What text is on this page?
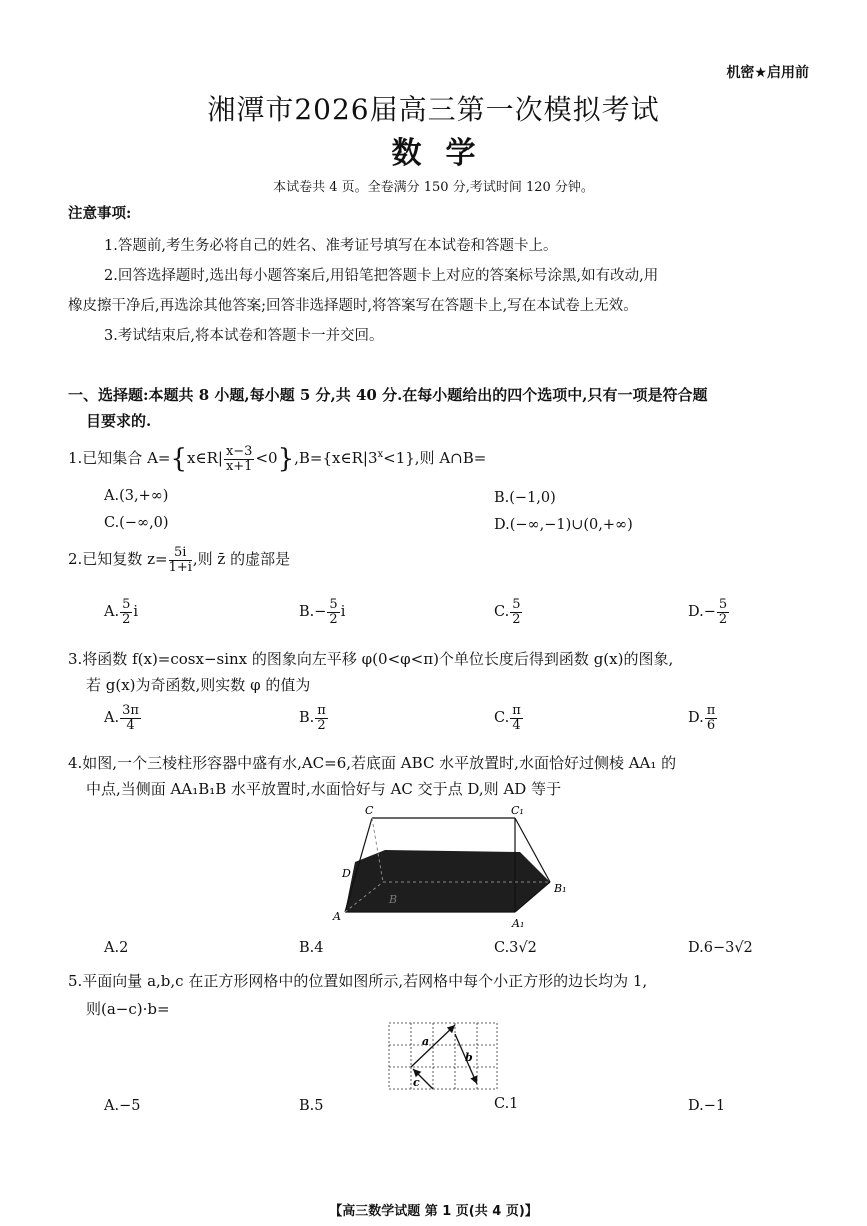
机密★启用前
湘潭市2026届高三第一次模拟考试
数学
本试卷共 4 页。全卷满分 150 分,考试时间 120 分钟。
注意事项:
1.答题前,考生务必将自己的姓名、准考证号填写在本试卷和答题卡上。
2.回答选择题时,选出每小题答案后,用铅笔把答题卡上对应的答案标号涂黑,如有改动,用
橡皮擦干净后,再选涂其他答案;回答非选择题时,将答案写在答题卡上,写在本试卷上无效。
3.考试结束后,将本试卷和答题卡一并交回。
一、选择题:本题共 8 小题,每小题 5 分,共 40 分.在每小题给出的四个选项中,只有一项是符合题
目要求的.
1.已知集合 A={x∈R| $\frac{x-3}{x+1}$ $<0\},B=\{x\in R|3^x<1\}$,则 A∩B=
A.(3,+∞)	B.(−1,0)
C.(−∞,0)	D.(−∞,−1)∪(0,+∞)
2.已知复数 $z= \frac{5i}{1+i}$ ,则 z̄ 的虚部是
A. $\frac{5}{2}$ i	$B.- \frac{5}{2}$ i	C. $\frac{5}{2}$	$D.- \frac{5}{2}$
3.将函数 f(x)=cosx−sinx 的图象向左平移 φ(0<φ<π)个单位长度后得到函数 g(x)的图象,
若 g(x)为奇函数,则实数 φ 的值为
A. $\frac{3\pi}{4}$	B. $\frac{\pi}{2}$	C. $\frac{\pi}{4}$	D. $\frac{\pi}{6}$
4.如图,一个三棱柱形容器中盛有水,AC=6,若底面 ABC 水平放置时,水面恰好过侧棱 AA₁ 的
中点,当侧面 AA₁B₁B 水平放置时,水面恰好与 AC 交于点 D,则 AD 等于
C	C₁
D
A
A₁
B
B₁
A.2	B.4	C.3√2	D.6−3√2
5.平面向量 a,b,c 在正方形网格中的位置如图所示,若网格中每个小正方形的边长均为 1,
则(a−c)·b=
a
b
c
A.−5	B.5	C.1	D.−1
【高三数学试题 第 1 页(共 4 页)】
